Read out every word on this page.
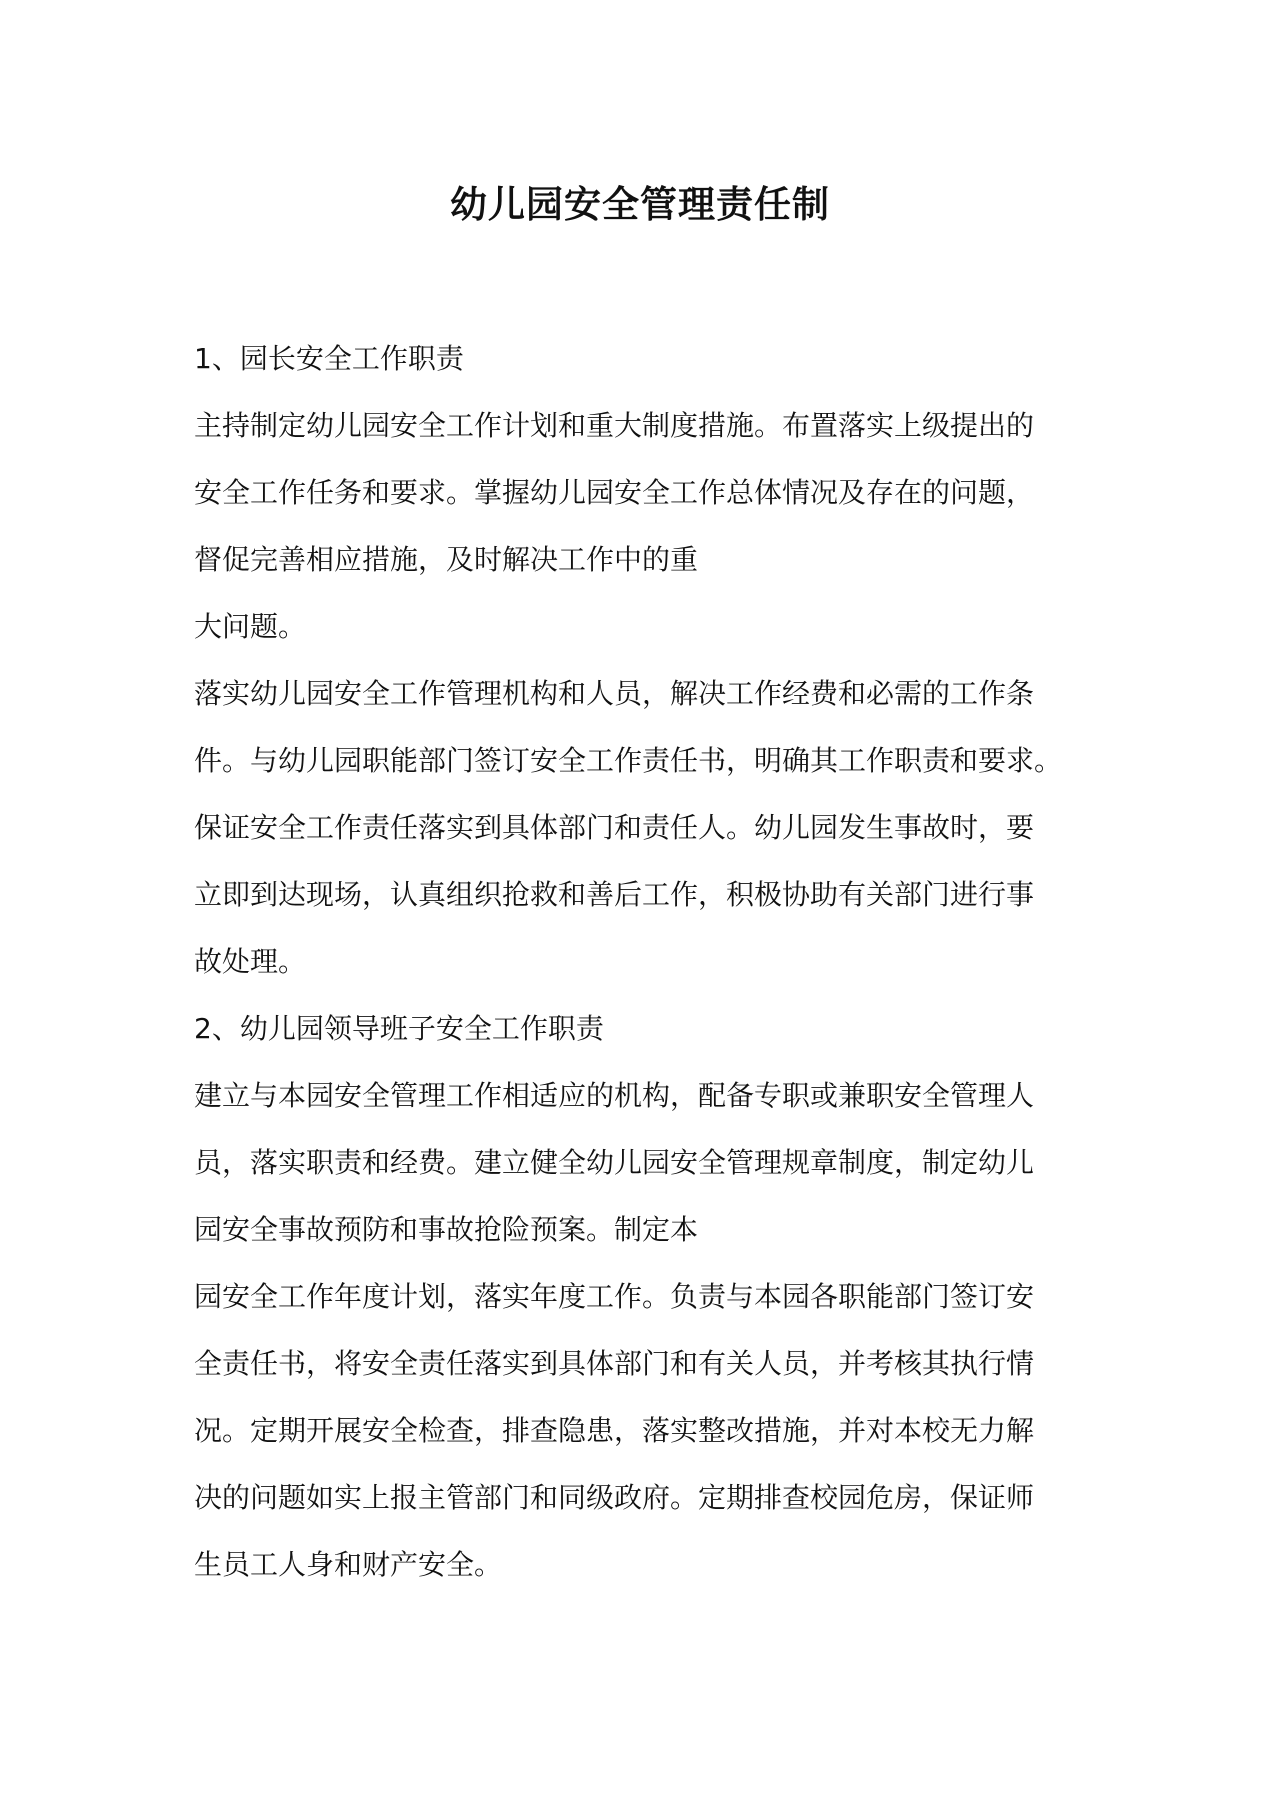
幼儿园安全管理责任制

1、园长安全工作职责

主持制定幼儿园安全工作计划和重大制度措施。布置落实上级提出的

安全工作任务和要求。掌握幼儿园安全工作总体情况及存在的问题，

督促完善相应措施，及时解决工作中的重

大问题。

落实幼儿园安全工作管理机构和人员，解决工作经费和必需的工作条

件。与幼儿园职能部门签订安全工作责任书，明确其工作职责和要求。

保证安全工作责任落实到具体部门和责任人。幼儿园发生事故时，要

立即到达现场，认真组织抢救和善后工作，积极协助有关部门进行事

故处理。

2、幼儿园领导班子安全工作职责

建立与本园安全管理工作相适应的机构，配备专职或兼职安全管理人

员，落实职责和经费。建立健全幼儿园安全管理规章制度，制定幼儿

园安全事故预防和事故抢险预案。制定本

园安全工作年度计划，落实年度工作。负责与本园各职能部门签订安

全责任书，将安全责任落实到具体部门和有关人员，并考核其执行情

况。定期开展安全检查，排查隐患，落实整改措施，并对本校无力解

决的问题如实上报主管部门和同级政府。定期排查校园危房，保证师

生员工人身和财产安全。
